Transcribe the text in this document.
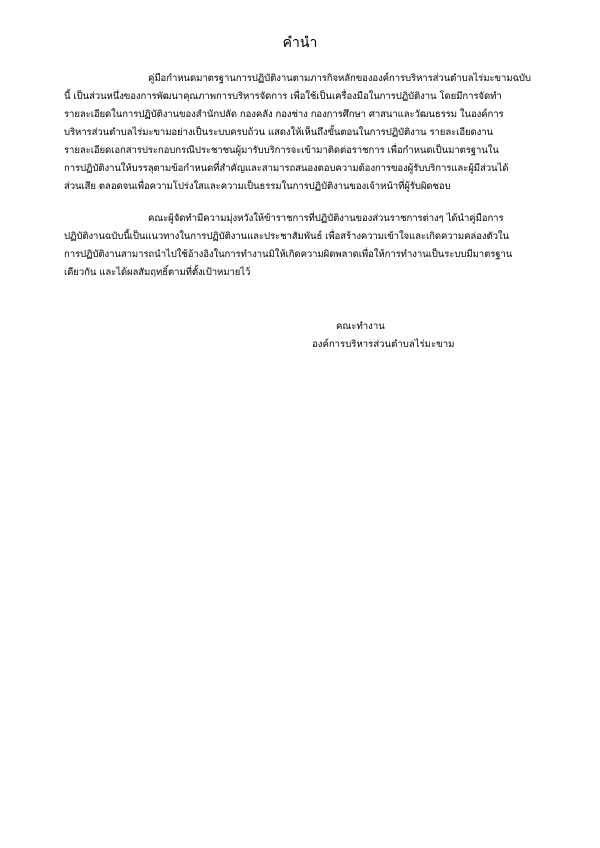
คำนำ
คู่มือกำหนดมาตรฐานการปฏิบัติงานตามภารกิจหลักขององค์การบริหารส่วนตำบลไร่มะขามฉบับ
นี้ เป็นส่วนหนึ่งของการพัฒนาคุณภาพการบริหารจัดการ เพื่อใช้เป็นเครื่องมือในการปฏิบัติงาน โดยมีการจัดทำ
รายละเอียดในการปฏิบัติงานของสำนักปลัด กองคลัง กองช่าง กองการศึกษา ศาสนาและวัฒนธรรม ในองค์การ
บริหารส่วนตำบลไร่มะขามอย่างเป็นระบบครบถ้วน แสดงให้เห็นถึงขั้นตอนในการปฏิบัติงาน รายละเอียดงาน
รายละเอียดเอกสารประกอบกรณีประชาชนผู้มารับบริการจะเข้ามาติดต่อราชการ เพื่อกำหนดเป็นมาตรฐานใน
การปฏิบัติงานให้บรรลุตามข้อกำหนดที่สำคัญและสามารถสนองตอบความต้องการของผู้รับบริการและผู้มีส่วนได้
ส่วนเสีย ตลอดจนเพื่อความโปร่งใสและความเป็นธรรมในการปฏิบัติงานของเจ้าหน้าที่ผู้รับผิดชอบ
คณะผู้จัดทำมีความมุ่งหวังให้ข้าราชการที่ปฏิบัติงานของส่วนราชการต่างๆ ได้นำคู่มือการ
ปฏิบัติงานฉบับนี้เป็นแนวทางในการปฏิบัติงานและประชาสัมพันธ์ เพื่อสร้างความเข้าใจและเกิดความคล่องตัวใน
การปฏิบัติงานสามารถนำไปใช้อ้างอิงในการทำงานมิให้เกิดความผิดพลาดเพื่อให้การทำงานเป็นระบบมีมาตรฐาน
เดียวกัน และได้ผลสัมฤทธิ์ตามที่ตั้งเป้าหมายไว้
คณะทำงาน
องค์การบริหารส่วนตำบลไร่มะขาม
